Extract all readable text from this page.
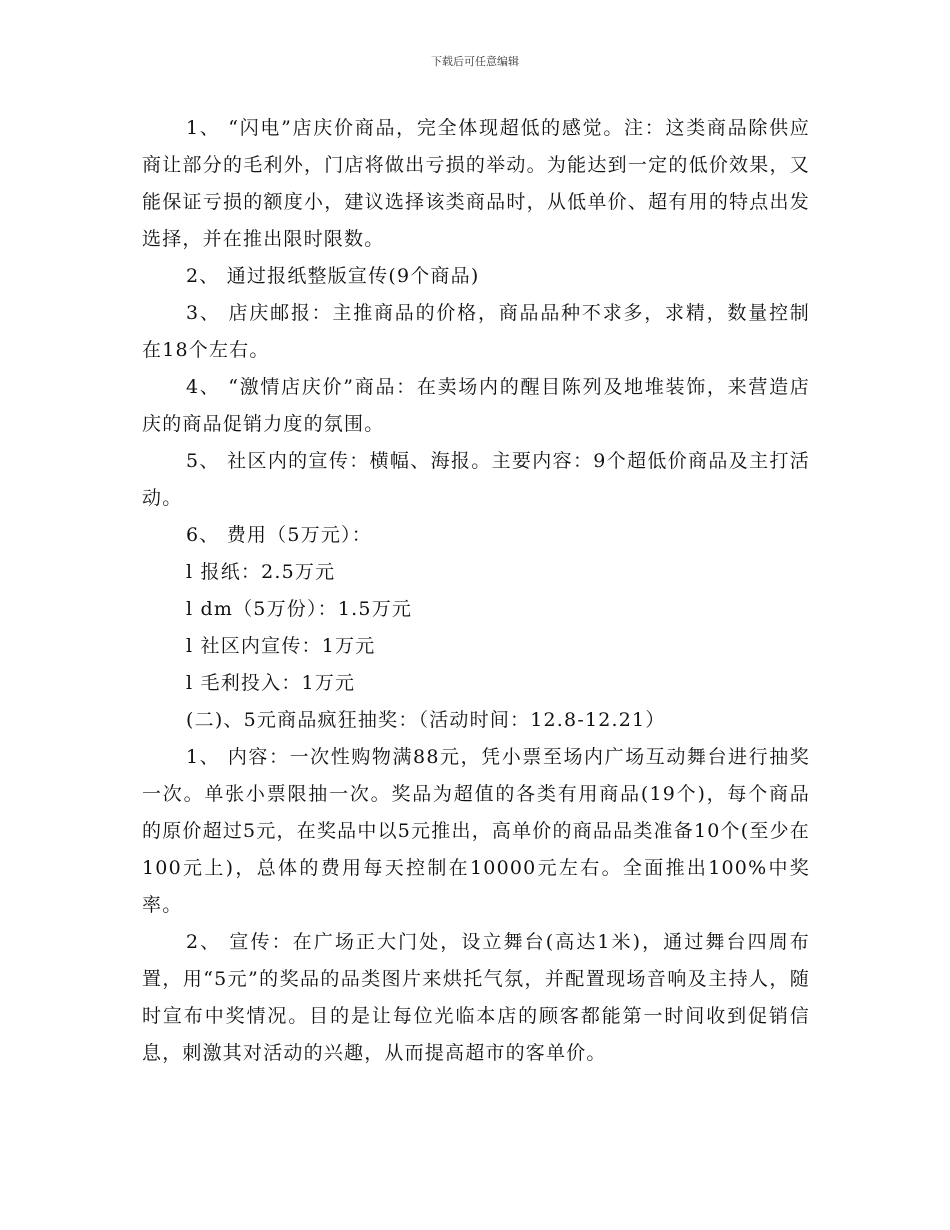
下载后可任意编辑

1、 “闪电”店庆价商品，完全体现超低的感觉。注：这类商品除供应商让部分的毛利外，门店将做出亏损的举动。为能达到一定的低价效果，又能保证亏损的额度小，建议选择该类商品时，从低单价、超有用的特点出发选择，并在推出限时限数。

2、 通过报纸整版宣传(9个商品)

3、 店庆邮报：主推商品的价格，商品品种不求多，求精，数量控制在18个左右。

4、 “激情店庆价”商品：在卖场内的醒目陈列及地堆装饰，来营造店庆的商品促销力度的氛围。

5、 社区内的宣传：横幅、海报。主要内容：9个超低价商品及主打活动。

6、 费用（5万元）：

l 报纸：2.5万元

l dm（5万份）：1.5万元

l 社区内宣传：1万元

l 毛利投入：1万元

(二)、5元商品疯狂抽奖：（活动时间：12.8-12.21）

1、 内容：一次性购物满88元，凭小票至场内广场互动舞台进行抽奖一次。单张小票限抽一次。奖品为超值的各类有用商品(19个)，每个商品的原价超过5元，在奖品中以5元推出，高单价的商品品类准备10个(至少在100元上)，总体的费用每天控制在10000元左右。全面推出100%中奖率。

2、 宣传：在广场正大门处，设立舞台(高达1米)，通过舞台四周布置，用“5元”的奖品的品类图片来烘托气氛，并配置现场音响及主持人，随时宣布中奖情况。目的是让每位光临本店的顾客都能第一时间收到促销信息，刺激其对活动的兴趣，从而提高超市的客单价。
